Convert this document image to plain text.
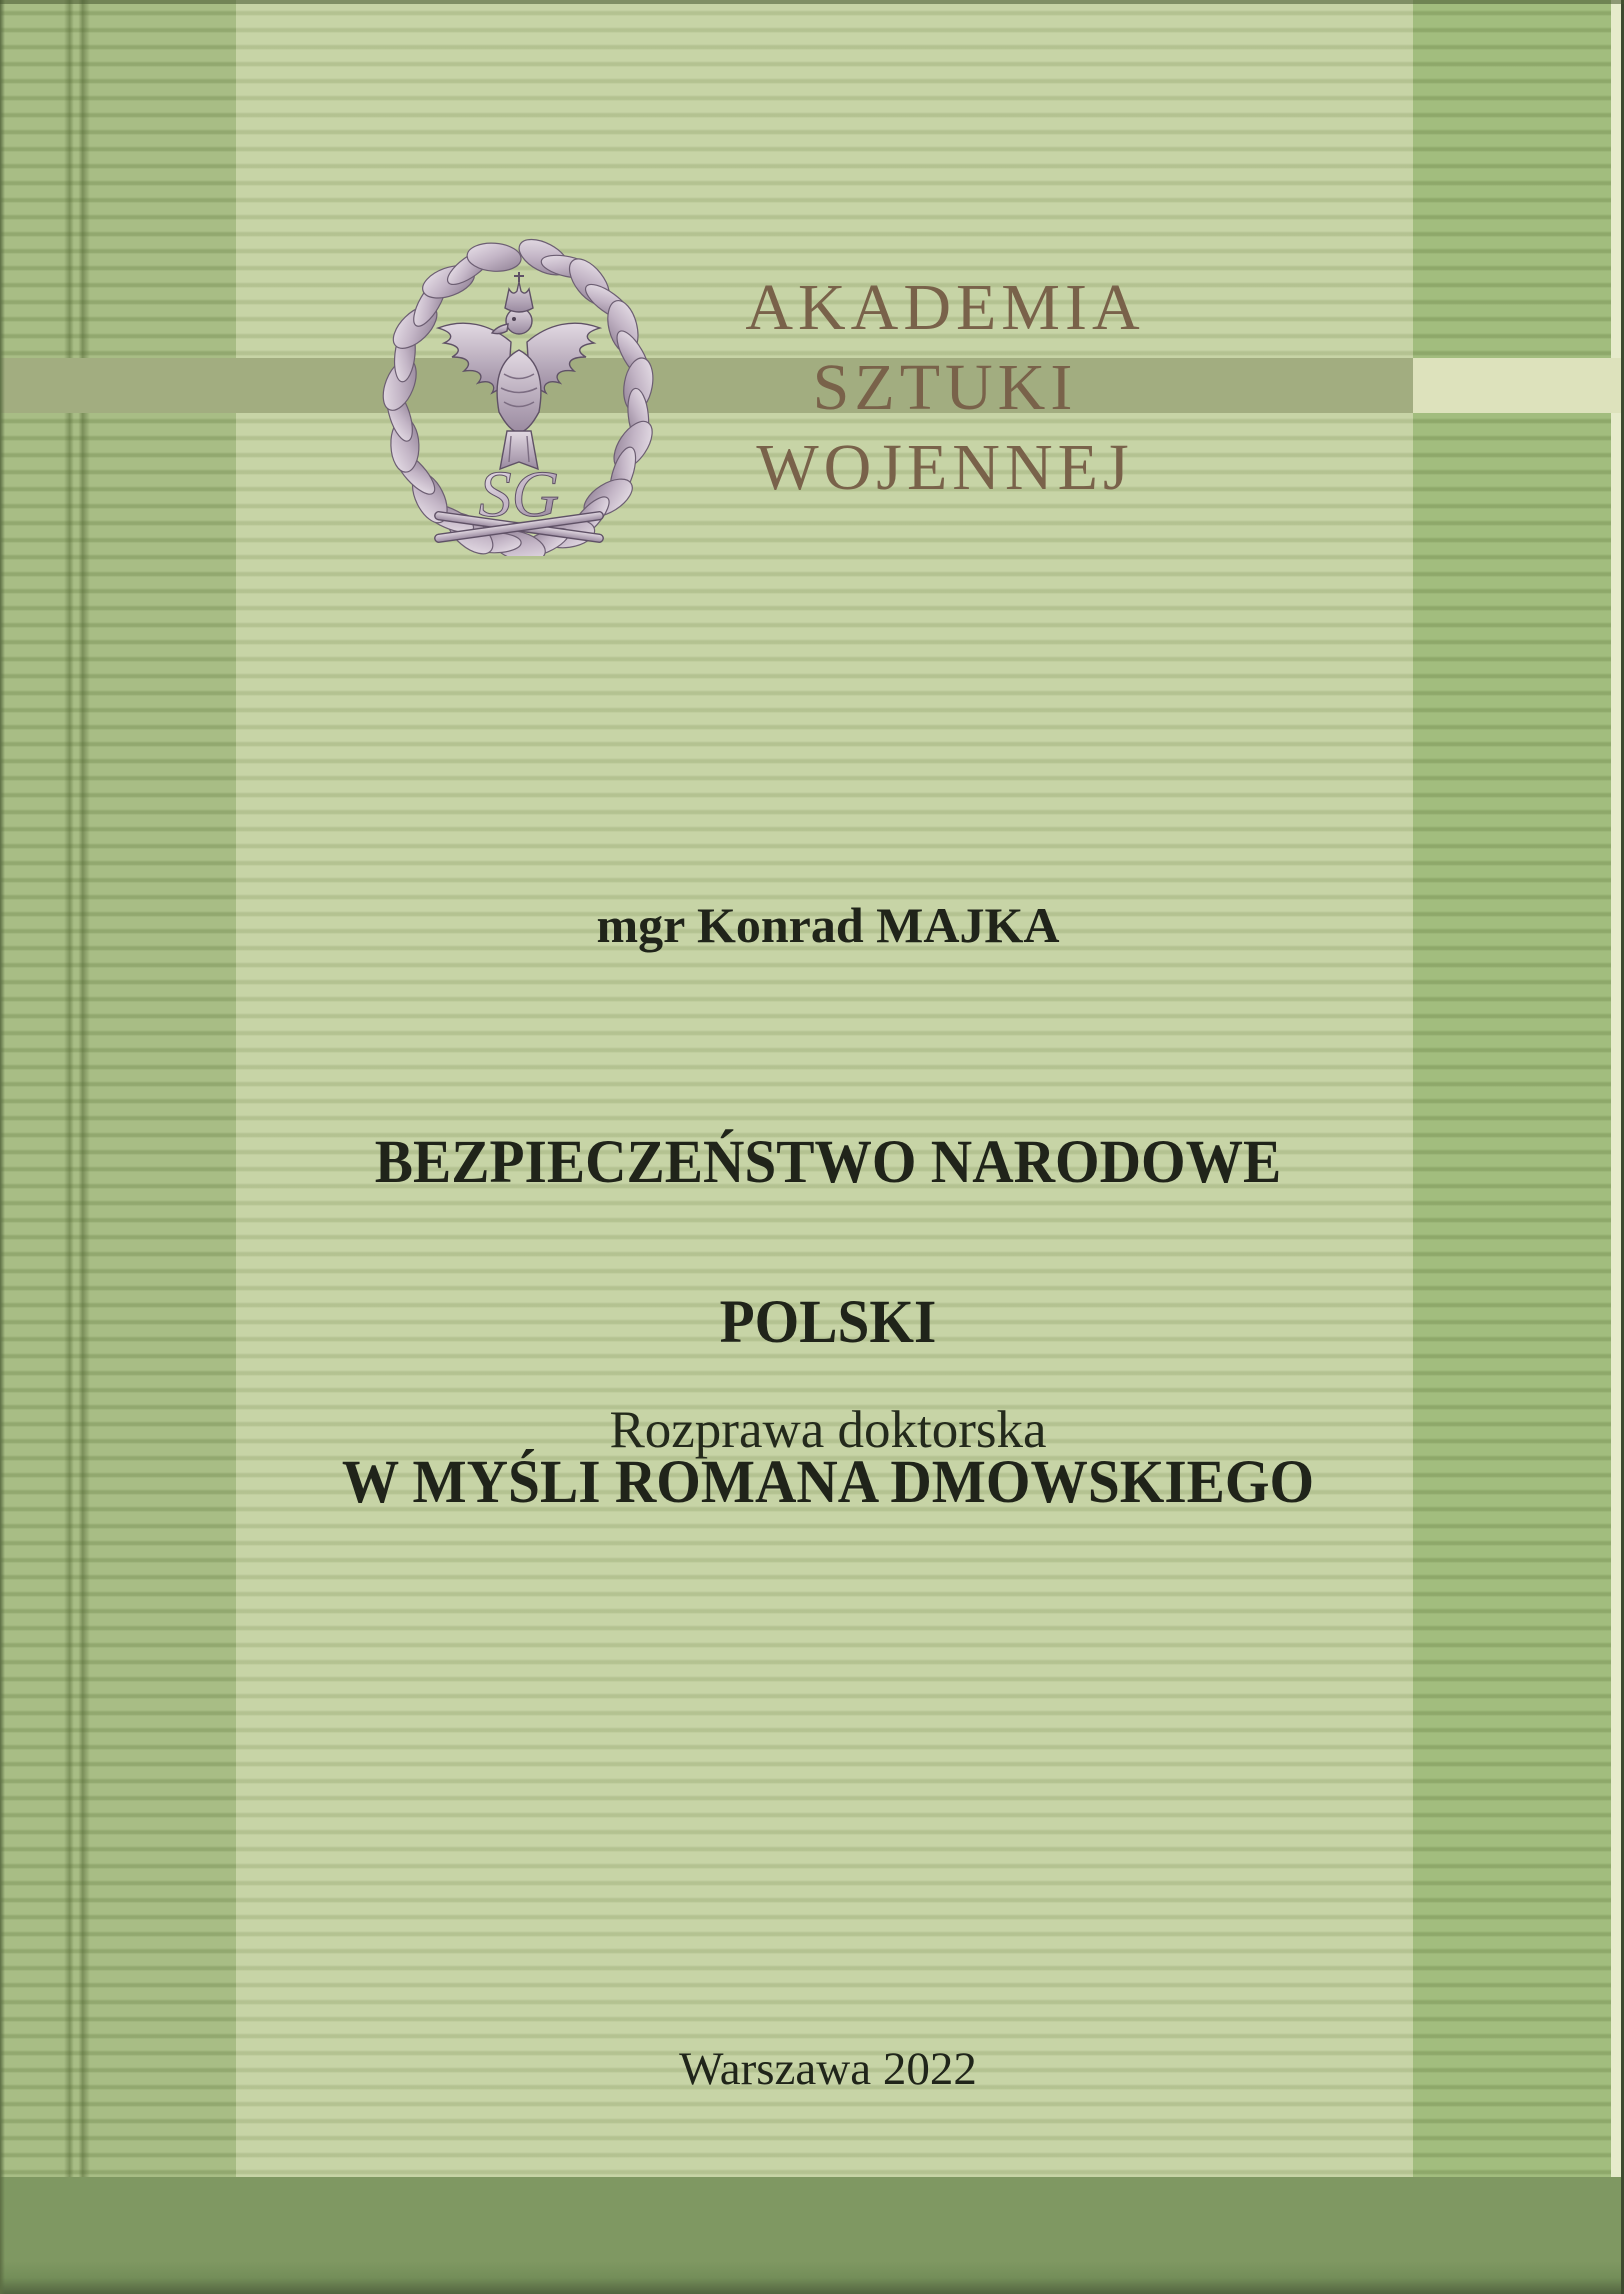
SG
AKADEMIA
SZTUKI
WOJENNEJ
mgr Konrad MAJKA
BEZPIECZEŃSTWO NARODOWE POLSKI
W MYŚLI ROMANA DMOWSKIEGO
Rozprawa doktorska
Warszawa 2022
